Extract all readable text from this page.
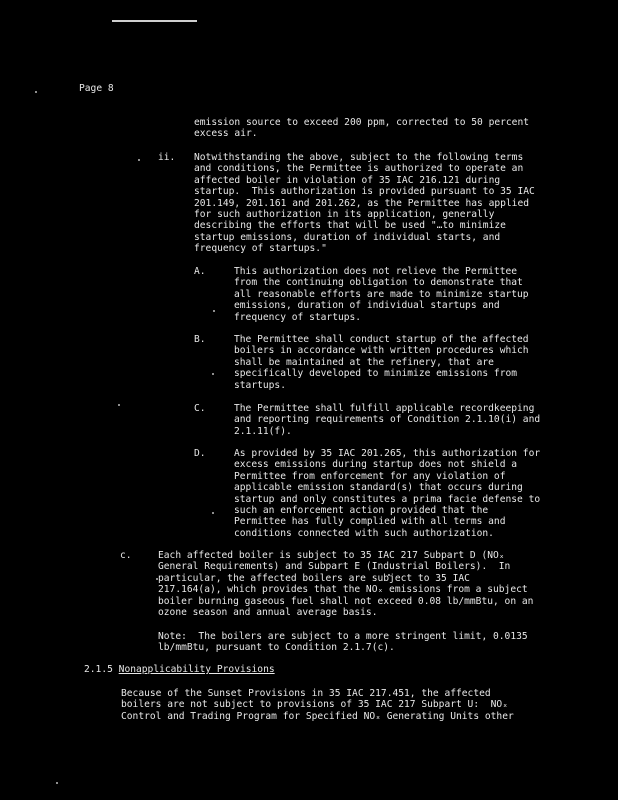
Page 8
emission source to exceed 200 ppm, corrected to 50 percent
excess air.
ii. Notwithstanding the above, subject to the following terms
and conditions, the Permittee is authorized to operate an
affected boiler in violation of 35 IAC 216.121 during
startup.  This authorization is provided pursuant to 35 IAC
201.149, 201.161 and 201.262, as the Permittee has applied
for such authorization in its application, generally
describing the efforts that will be used "…to minimize
startup emissions, duration of individual starts, and
frequency of startups."
A.	This authorization does not relieve the Permittee
from the continuing obligation to demonstrate that
all reasonable efforts are made to minimize startup
emissions, duration of individual startups and
frequency of startups.
B.	The Permittee shall conduct startup of the affected
boilers in accordance with written procedures which
shall be maintained at the refinery, that are
specifically developed to minimize emissions from
startups.
C.	The Permittee shall fulfill applicable recordkeeping
and reporting requirements of Condition 2.1.10(i) and
2.1.11(f).
D.	As provided by 35 IAC 201.265, this authorization for
excess emissions during startup does not shield a
Permittee from enforcement for any violation of
applicable emission standard(s) that occurs during
startup and only constitutes a prima facie defense to
such an enforcement action provided that the
Permittee has fully complied with all terms and
conditions connected with such authorization.
c.	Each affected boiler is subject to 35 IAC 217 Subpart D (NOₓ
General Requirements) and Subpart E (Industrial Boilers).  In
particular, the affected boilers are subject to 35 IAC
217.164(a), which provides that the NOₓ emissions from a subject
boiler burning gaseous fuel shall not exceed 0.08 lb/mmBtu, on an
ozone season and annual average basis.
Note:  The boilers are subject to a more stringent limit, 0.0135
lb/mmBtu, pursuant to Condition 2.1.7(c).
2.1.5 Nonapplicability Provisions
Because of the Sunset Provisions in 35 IAC 217.451, the affected
boilers are not subject to provisions of 35 IAC 217 Subpart U:  NOₓ
Control and Trading Program for Specified NOₓ Generating Units other
